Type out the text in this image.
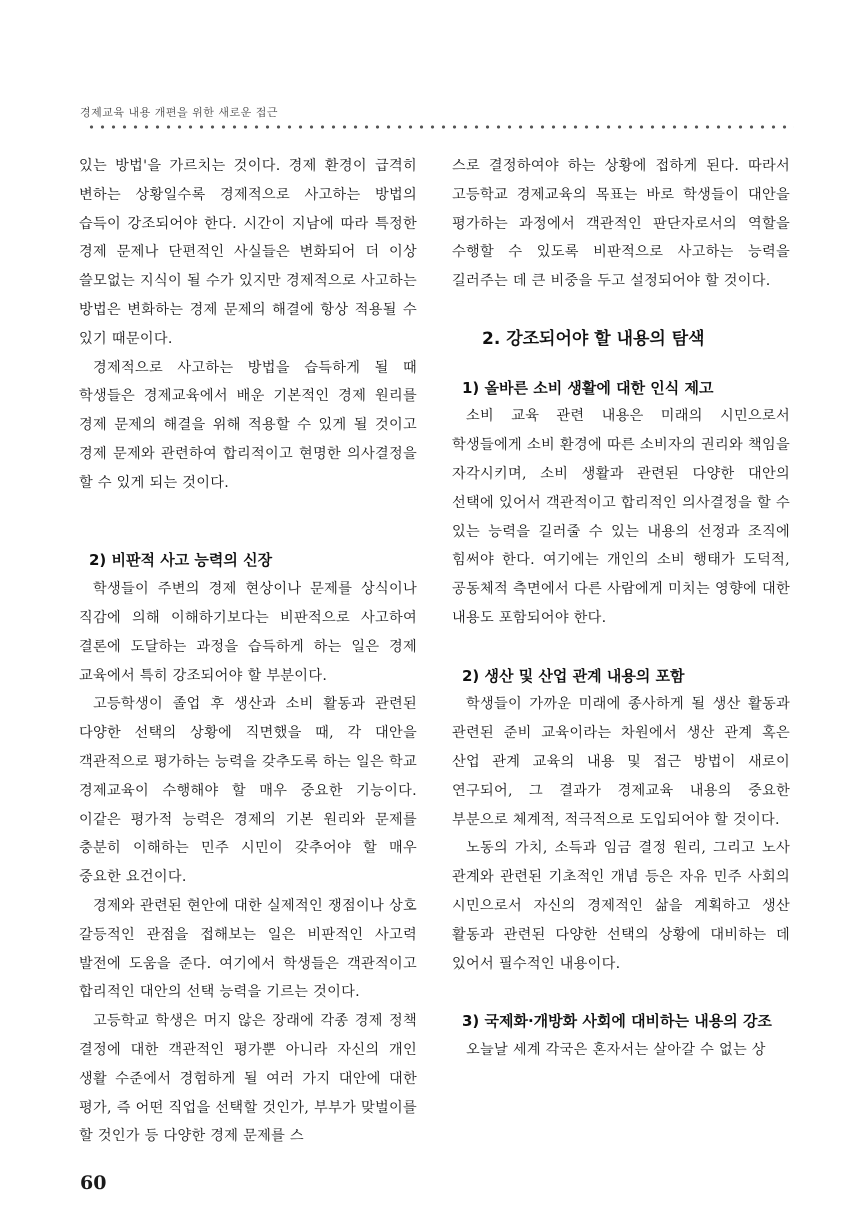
경제교육 내용 개편을 위한 새로운 접근

있는 방법'을 가르치는 것이다. 경제 환경이 급격히 변하는 상황일수록 경제적으로 사고하는 방법의 습득이 강조되어야 한다. 시간이 지남에 따라 특정한 경제 문제나 단편적인 사실들은 변화되어 더 이상 쓸모없는 지식이 될 수가 있지만 경제적으로 사고하는 방법은 변화하는 경제 문제의 해결에 항상 적용될 수 있기 때문이다.

경제적으로 사고하는 방법을 습득하게 될 때 학생들은 경제교육에서 배운 기본적인 경제 원리를 경제 문제의 해결을 위해 적용할 수 있게 될 것이고 경제 문제와 관련하여 합리적이고 현명한 의사결정을 할 수 있게 되는 것이다.

2) 비판적 사고 능력의 신장

학생들이 주변의 경제 현상이나 문제를 상식이나 직감에 의해 이해하기보다는 비판적으로 사고하여 결론에 도달하는 과정을 습득하게 하는 일은 경제 교육에서 특히 강조되어야 할 부분이다.

고등학생이 졸업 후 생산과 소비 활동과 관련된 다양한 선택의 상황에 직면했을 때, 각 대안을 객관적으로 평가하는 능력을 갖추도록 하는 일은 학교 경제교육이 수행해야 할 매우 중요한 기능이다. 이같은 평가적 능력은 경제의 기본 원리와 문제를 충분히 이해하는 민주 시민이 갖추어야 할 매우 중요한 요건이다.

경제와 관련된 현안에 대한 실제적인 쟁점이나 상호 갈등적인 관점을 접해보는 일은 비판적인 사고력 발전에 도움을 준다. 여기에서 학생들은 객관적이고 합리적인 대안의 선택 능력을 기르는 것이다.

고등학교 학생은 머지 않은 장래에 각종 경제 정책 결정에 대한 객관적인 평가뿐 아니라 자신의 개인 생활 수준에서 경험하게 될 여러 가지 대안에 대한 평가, 즉 어떤 직업을 선택할 것인가, 부부가 맞벌이를 할 것인가 등 다양한 경제 문제를 스

스로 결정하여야 하는 상황에 접하게 된다. 따라서 고등학교 경제교육의 목표는 바로 학생들이 대안을 평가하는 과정에서 객관적인 판단자로서의 역할을 수행할 수 있도록 비판적으로 사고하는 능력을 길러주는 데 큰 비중을 두고 설정되어야 할 것이다.

2. 강조되어야 할 내용의 탐색
1) 올바른 소비 생활에 대한 인식 제고

소비 교육 관련 내용은 미래의 시민으로서 학생들에게 소비 환경에 따른 소비자의 권리와 책임을 자각시키며, 소비 생활과 관련된 다양한 대안의 선택에 있어서 객관적이고 합리적인 의사결정을 할 수 있는 능력을 길러줄 수 있는 내용의 선정과 조직에 힘써야 한다. 여기에는 개인의 소비 행태가 도덕적, 공동체적 측면에서 다른 사람에게 미치는 영향에 대한 내용도 포함되어야 한다.

2) 생산 및 산업 관계 내용의 포함

학생들이 가까운 미래에 종사하게 될 생산 활동과 관련된 준비 교육이라는 차원에서 생산 관계 혹은 산업 관계 교육의 내용 및 접근 방법이 새로이 연구되어, 그 결과가 경제교육 내용의 중요한 부분으로 체계적, 적극적으로 도입되어야 할 것이다.

노동의 가치, 소득과 임금 결정 원리, 그리고 노사 관계와 관련된 기초적인 개념 등은 자유 민주 사회의 시민으로서 자신의 경제적인 삶을 계획하고 생산 활동과 관련된 다양한 선택의 상황에 대비하는 데 있어서 필수적인 내용이다.

3) 국제화·개방화 사회에 대비하는 내용의 강조

오늘날 세계 각국은 혼자서는 살아갈 수 없는 상

60
